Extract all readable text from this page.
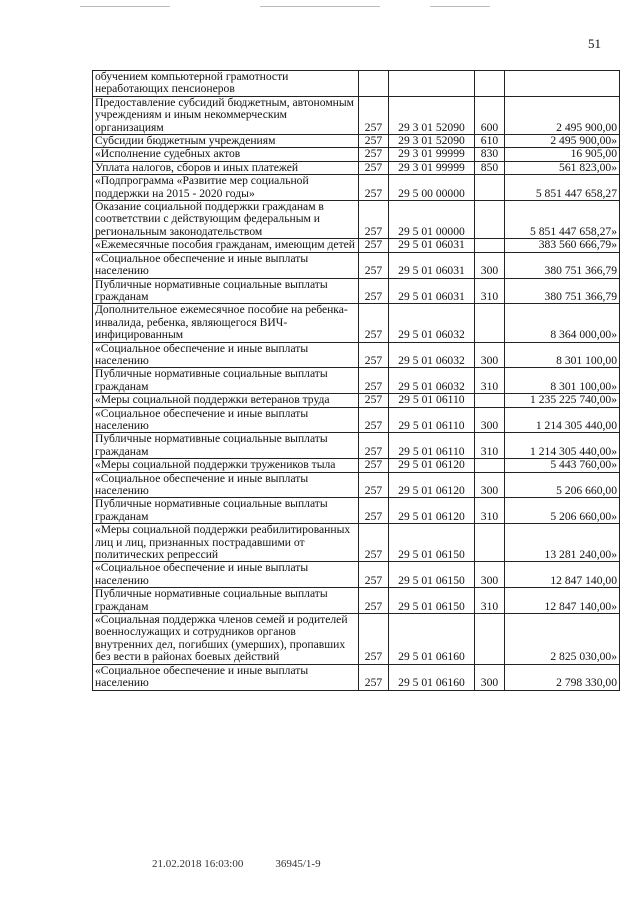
51
обучением компьютерной грамотности неработающих пенсионеров				
Предоставление субсидий бюджетным, автономным учреждениям и иным некоммерческим организациям	257	29 3 01 52090	600	2 495 900,00
Субсидии бюджетным учреждениям	257	29 3 01 52090	610	2 495 900,00»
«Исполнение судебных актов	257	29 3 01 99999	830	16 905,00
Уплата налогов, сборов и иных платежей	257	29 3 01 99999	850	561 823,00»
«Подпрограмма «Развитие мер социальной поддержки на 2015 - 2020 годы»	257	29 5 00 00000		5 851 447 658,27
Оказание социальной поддержки гражданам в соответствии с действующим федеральным и региональным законодательством	257	29 5 01 00000		5 851 447 658,27»
«Ежемесячные пособия гражданам, имеющим детей	257	29 5 01 06031		383 560 666,79»
«Социальное обеспечение и иные выплаты населению	257	29 5 01 06031	300	380 751 366,79
Публичные нормативные социальные выплаты гражданам	257	29 5 01 06031	310	380 751 366,79
Дополнительное ежемесячное пособие на ребенка-инвалида, ребенка, являющегося ВИЧ-инфицированным	257	29 5 01 06032		8 364 000,00»
«Социальное обеспечение и иные выплаты населению	257	29 5 01 06032	300	8 301 100,00
Публичные нормативные социальные выплаты гражданам	257	29 5 01 06032	310	8 301 100,00»
«Меры социальной поддержки ветеранов труда	257	29 5 01 06110		1 235 225 740,00»
«Социальное обеспечение и иные выплаты населению	257	29 5 01 06110	300	1 214 305 440,00
Публичные нормативные социальные выплаты гражданам	257	29 5 01 06110	310	1 214 305 440,00»
«Меры социальной поддержки тружеников тыла	257	29 5 01 06120		5 443 760,00»
«Социальное обеспечение и иные выплаты населению	257	29 5 01 06120	300	5 206 660,00
Публичные нормативные социальные выплаты гражданам	257	29 5 01 06120	310	5 206 660,00»
«Меры социальной поддержки реабилитированных лиц и лиц, признанных пострадавшими от политических репрессий	257	29 5 01 06150		13 281 240,00»
«Социальное обеспечение и иные выплаты населению	257	29 5 01 06150	300	12 847 140,00
Публичные нормативные социальные выплаты гражданам	257	29 5 01 06150	310	12 847 140,00»
«Социальная поддержка членов семей и родителей военнослужащих и сотрудников органов внутренних дел, погибших (умерших), пропавших без вести в районах боевых действий	257	29 5 01 06160		2 825 030,00»
«Социальное обеспечение и иные выплаты населению	257	29 5 01 06160	300	2 798 330,00
21.02.2018 16:03:00	36945/1-9
